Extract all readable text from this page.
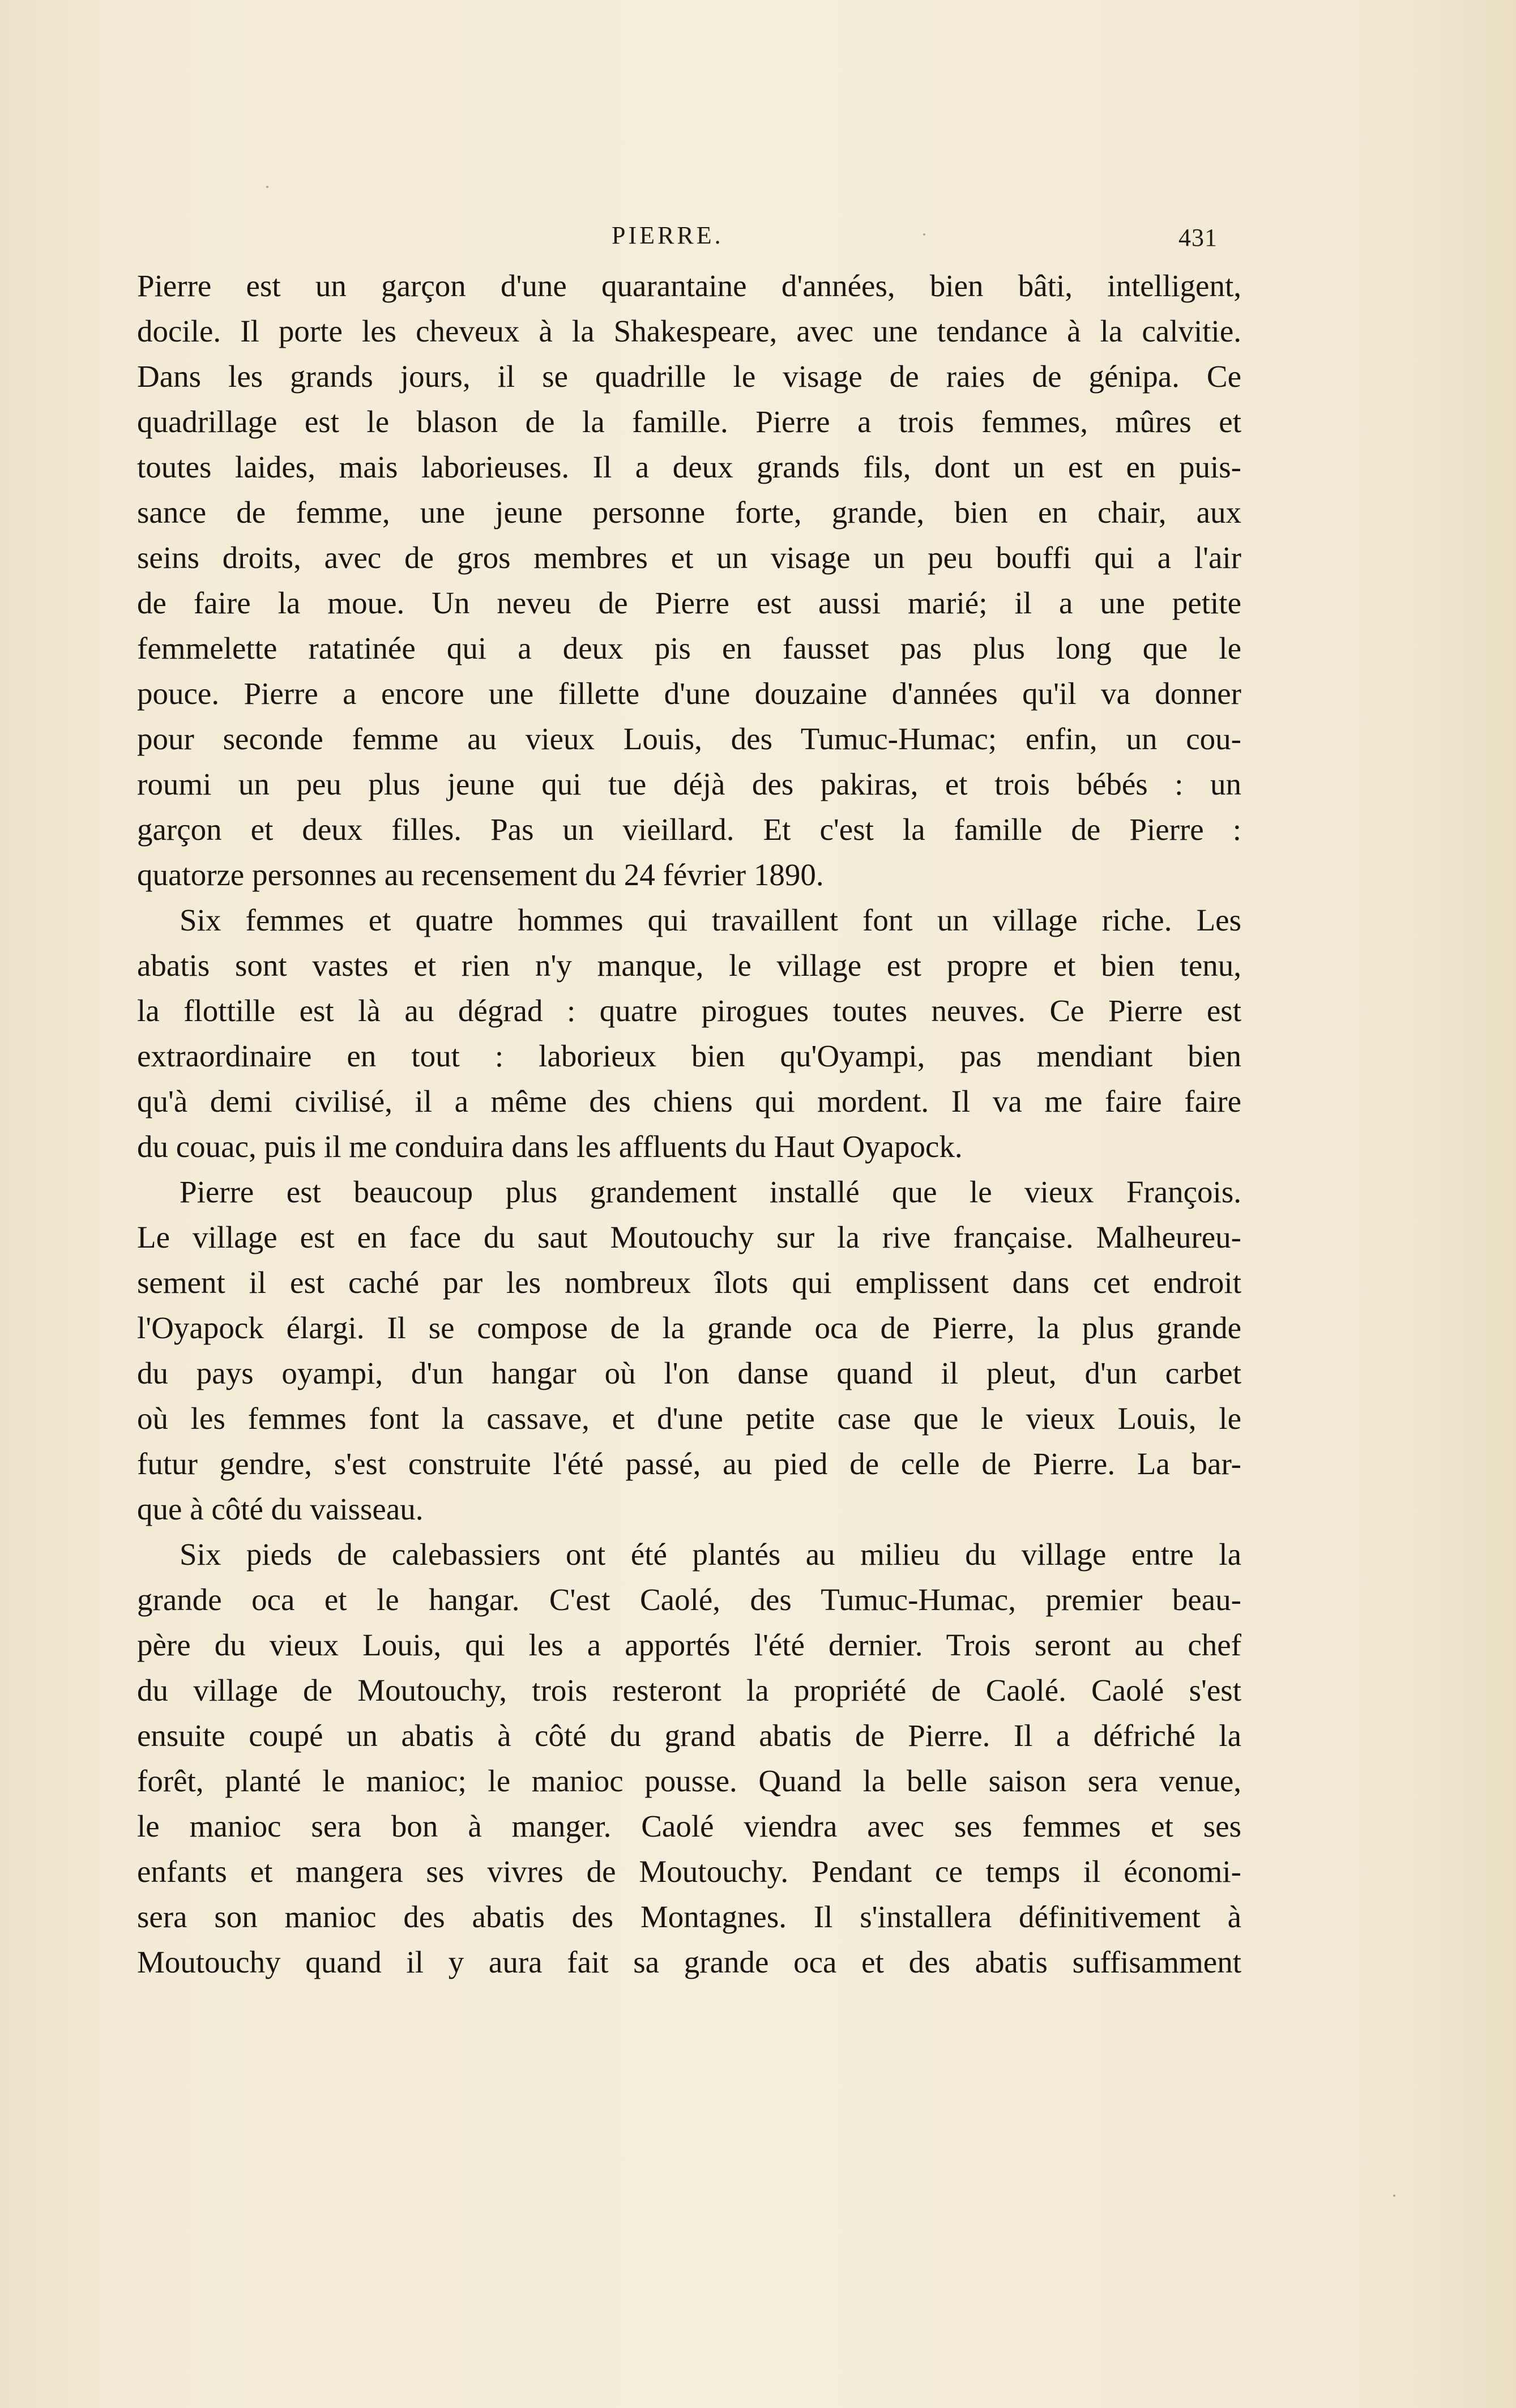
PIERRE.	431

Pierre est un garçon d'une quarantaine d'années, bien bâti, intelligent,
docile. Il porte les cheveux à la Shakespeare, avec une tendance à la calvitie.
Dans les grands jours, il se quadrille le visage de raies de génipa. Ce
quadrillage est le blason de la famille. Pierre a trois femmes, mûres et
toutes laides, mais laborieuses. Il a deux grands fils, dont un est en puis-
sance de femme, une jeune personne forte, grande, bien en chair, aux
seins droits, avec de gros membres et un visage un peu bouffi qui a l'air
de faire la moue. Un neveu de Pierre est aussi marié; il a une petite
femmelette ratatinée qui a deux pis en fausset pas plus long que le
pouce. Pierre a encore une fillette d'une douzaine d'années qu'il va donner
pour seconde femme au vieux Louis, des Tumuc-Humac; enfin, un cou-
roumi un peu plus jeune qui tue déjà des pakiras, et trois bébés : un
garçon et deux filles. Pas un vieillard. Et c'est la famille de Pierre :
quatorze personnes au recensement du 24 février 1890.

Six femmes et quatre hommes qui travaillent font un village riche. Les
abatis sont vastes et rien n'y manque, le village est propre et bien tenu,
la flottille est là au dégrad : quatre pirogues toutes neuves. Ce Pierre est
extraordinaire en tout : laborieux bien qu'Oyampi, pas mendiant bien
qu'à demi civilisé, il a même des chiens qui mordent. Il va me faire faire
du couac, puis il me conduira dans les affluents du Haut Oyapock.

Pierre est beaucoup plus grandement installé que le vieux François.
Le village est en face du saut Moutouchy sur la rive française. Malheureu-
sement il est caché par les nombreux îlots qui emplissent dans cet endroit
l'Oyapock élargi. Il se compose de la grande oca de Pierre, la plus grande
du pays oyampi, d'un hangar où l'on danse quand il pleut, d'un carbet
où les femmes font la cassave, et d'une petite case que le vieux Louis, le
futur gendre, s'est construite l'été passé, au pied de celle de Pierre. La bar-
que à côté du vaisseau.

Six pieds de calebassiers ont été plantés au milieu du village entre la
grande oca et le hangar. C'est Caolé, des Tumuc-Humac, premier beau-
père du vieux Louis, qui les a apportés l'été dernier. Trois seront au chef
du village de Moutouchy, trois resteront la propriété de Caolé. Caolé s'est
ensuite coupé un abatis à côté du grand abatis de Pierre. Il a défriché la
forêt, planté le manioc; le manioc pousse. Quand la belle saison sera venue,
le manioc sera bon à manger. Caolé viendra avec ses femmes et ses
enfants et mangera ses vivres de Moutouchy. Pendant ce temps il économi-
sera son manioc des abatis des Montagnes. Il s'installera définitivement à
Moutouchy quand il y aura fait sa grande oca et des abatis suffisamment
